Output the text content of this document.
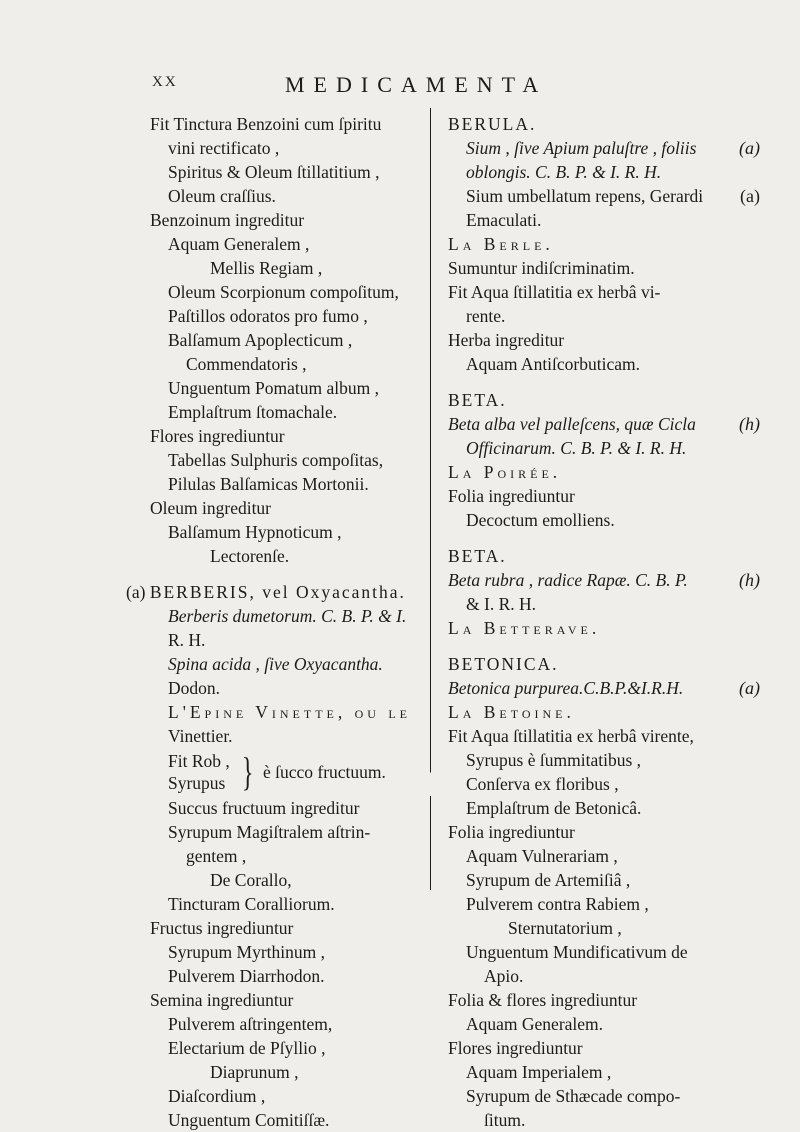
XX	MEDICAMENTA
Fit Tinctura Benzoini cum ſpiritu
vini rectificato ,
Spiritus & Oleum ſtillatitium ,
Oleum craſſius.
Benzoinum ingreditur
Aquam Generalem ,
Mellis Regiam ,
Oleum Scorpionum compoſitum,
Paſtillos odoratos pro fumo ,
Balſamum Apoplecticum ,
Commendatoris ,
Unguentum Pomatum album ,
Emplaſtrum ſtomachale.
Flores ingrediuntur
Tabellas Sulphuris compoſitas,
Pilulas Balſamicas Mortonii.
Oleum ingreditur
Balſamum Hypnoticum ,
Lectorenſe.
(a) BERBERIS, vel Oxyacantha.
Berberis dumetorum. C. B. P. & I.
R. H.
Spina acida , ſive Oxyacantha.
Dodon.
L'Epine Vinette, ou le
Vinettier.
Fit Rob ,
Syrupus } è ſucco fructuum.
Succus fructuum ingreditur
Syrupum Magiſtralem aſtrin-
gentem ,
De Corallo,
Tincturam Coralliorum.
Fructus ingrediuntur
Syrupum Myrthinum ,
Pulverem Diarrhodon.
Semina ingrediuntur
Pulverem aſtringentem,
Electarium de Pſyllio ,
Diaprunum ,
Diaſcordium ,
Unguentum Comitiſſæ.
BERULA.
Sium , ſive Apium paluſtre , foliis (a)
oblongis. C. B. P. & I. R. H.
Sium umbellatum repens, Gerardi (a)
Emaculati.
La Berle.
Sumuntur indiſcriminatim.
Fit Aqua ſtillatitia ex herbâ vi-
rente.
Herba ingreditur
Aquam Antiſcorbuticam.
BETA.
Beta alba vel palleſcens, quæ Cicla (h)
Officinarum. C. B. P. & I. R. H.
La Poirée.
Folia ingrediuntur
Decoctum emolliens.
BETA.
Beta rubra , radice Rapæ. C. B. P.	(h)
& I. R. H.
La Betterave.
BETONICA.
Betonica purpurea.C.B.P.&I.R.H.	(a)
La Betoine.
Fit Aqua ſtillatitia ex herbâ virente,
Syrupus è ſummitatibus ,
Conſerva ex floribus ,
Emplaſtrum de Betonicâ.
Folia ingrediuntur
Aquam Vulnerariam ,
Syrupum de Artemiſiâ ,
Pulverem contra Rabiem ,
Sternutatorium ,
Unguentum Mundificativum de
Apio.
Folia & flores ingrediuntur
Aquam Generalem.
Flores ingrediuntur
Aquam Imperialem ,
Syrupum de Sthæcade compo-
ſitum.
